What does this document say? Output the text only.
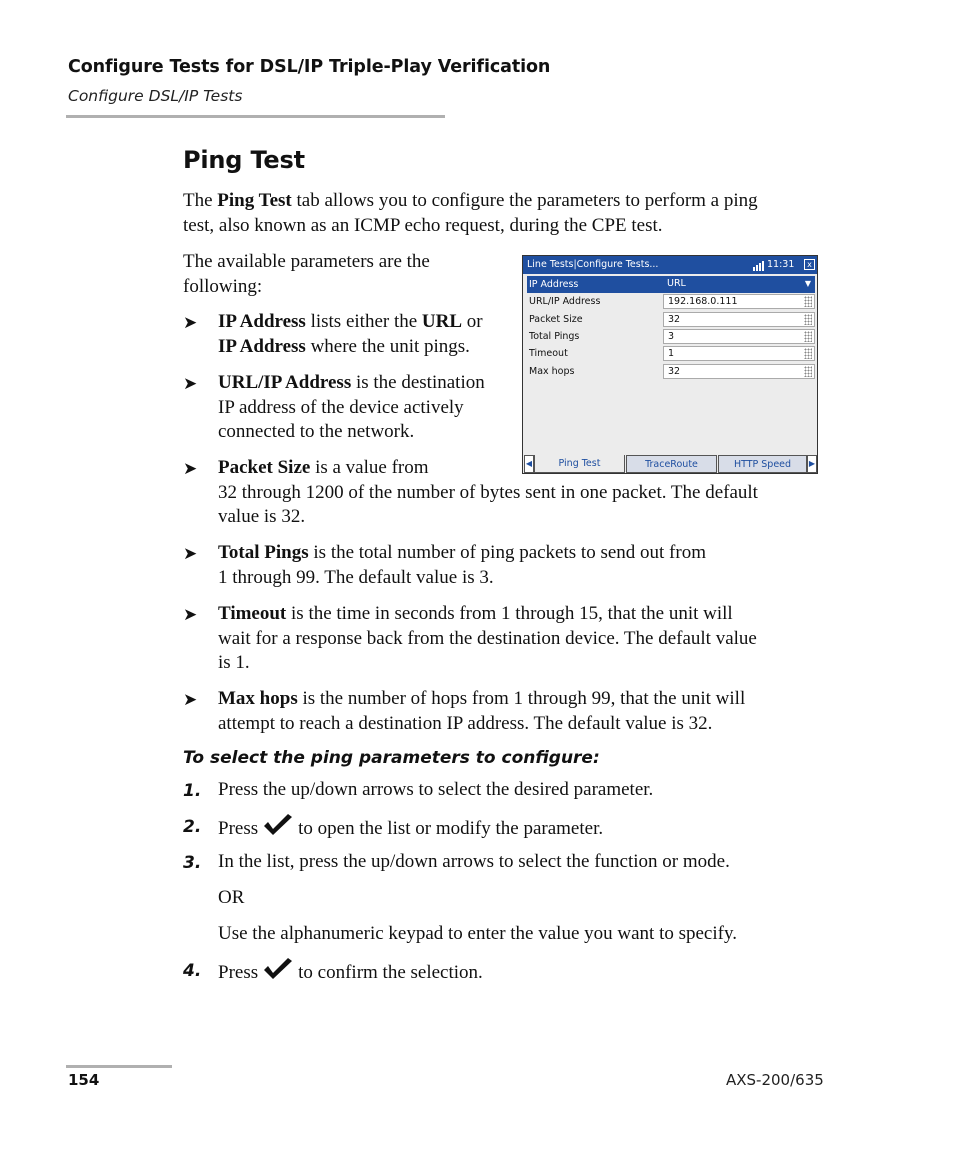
Configure Tests for DSL/IP Triple-Play Verification
Configure DSL/IP Tests
Ping Test
The Ping Test tab allows you to configure the parameters to perform a ping
test, also known as an ICMP echo request, during the CPE test.
The available parameters are the
following:
➤ IP Address lists either the URL or
IP Address where the unit pings.
➤ URL/IP Address is the destination
IP address of the device actively
connected to the network.
➤ Packet Size is a value from
32 through 1200 of the number of bytes sent in one packet. The default
value is 32.
➤ Total Pings is the total number of ping packets to send out from
1 through 99. The default value is 3.
➤ Timeout is the time in seconds from 1 through 15, that the unit will
wait for a response back from the destination device. The default value
is 1.
➤ Max hops is the number of hops from 1 through 99, that the unit will
attempt to reach a destination IP address. The default value is 32.
Line Tests|Configure Tests...	11:31	x
IP Address	URL	▼
URL/IP Address	192.168.0.111
Packet Size	32
Total Pings	3
Timeout	1
Max hops	32
◀	Ping Test	TraceRoute	HTTP Speed	▶
To select the ping parameters to configure:
1. Press the up/down arrows to select the desired parameter.
2. Press to open the list or modify the parameter.
3. In the list, press the up/down arrows to select the function or mode.
OR
Use the alphanumeric keypad to enter the value you want to specify.
4. Press to confirm the selection.
154	AXS-200/635
